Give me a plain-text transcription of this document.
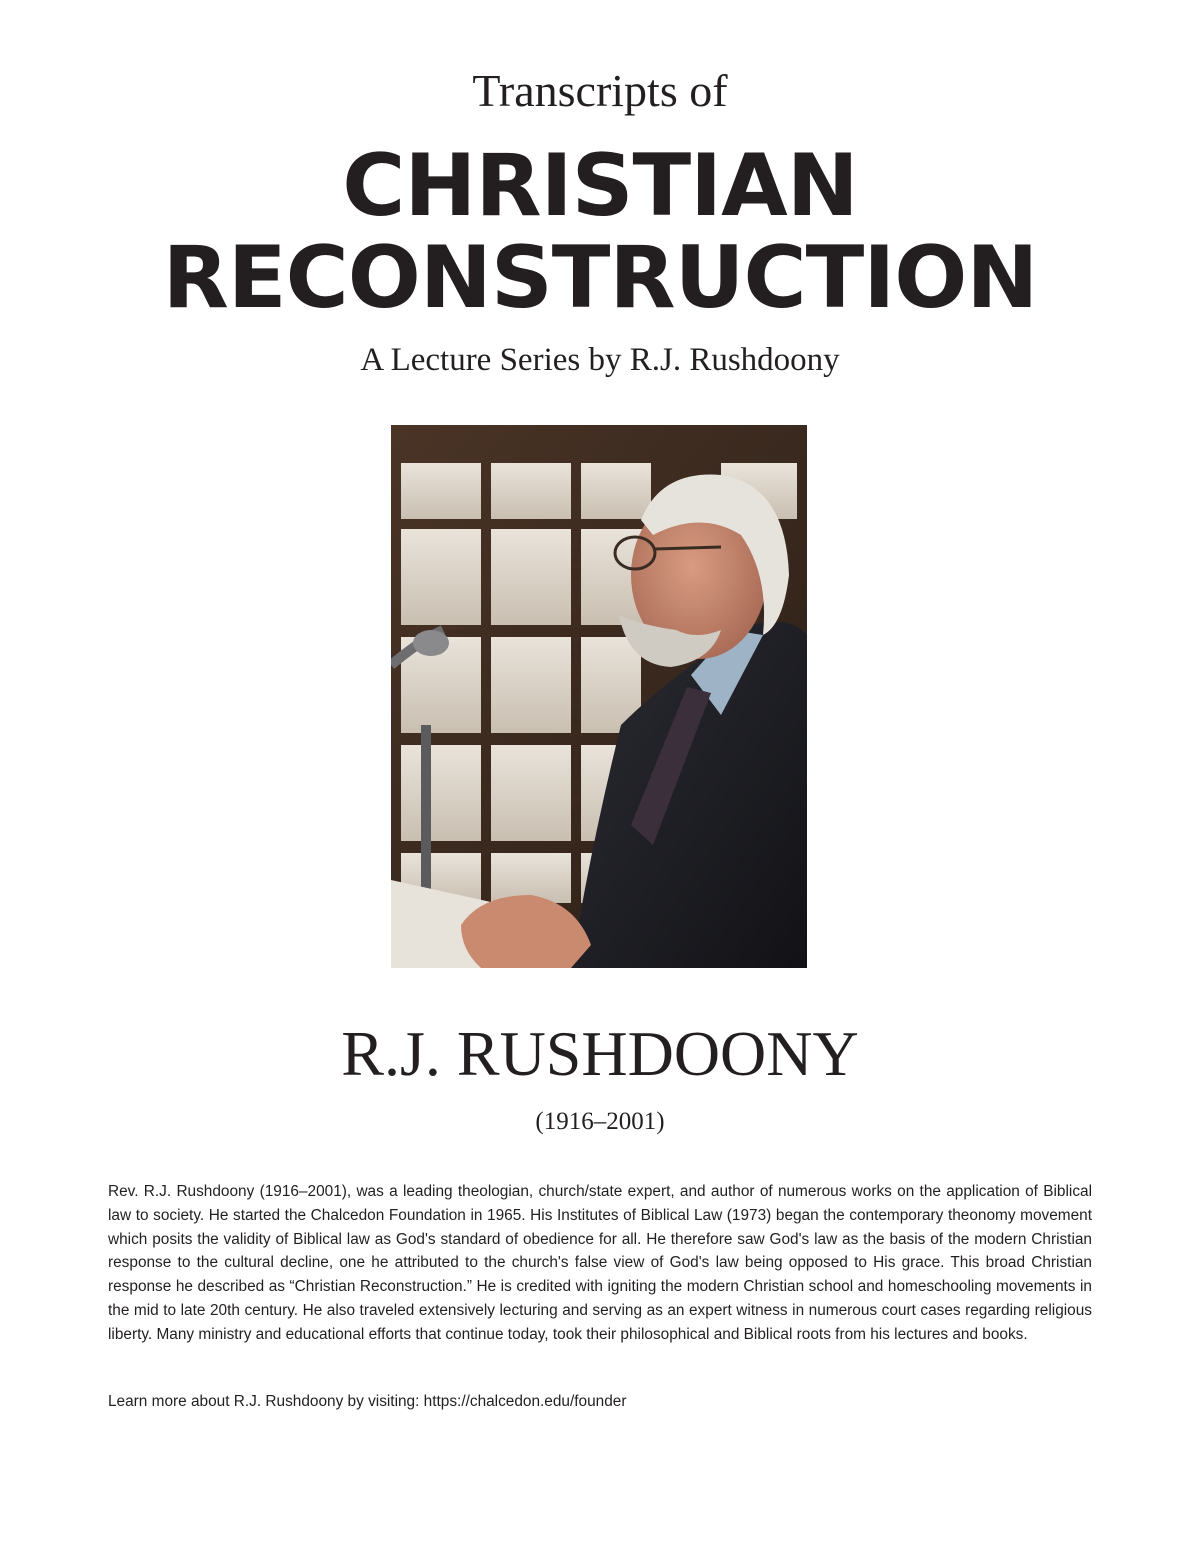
Transcripts of
CHRISTIAN
RECONSTRUCTION
A Lecture Series by R.J. Rushdoony
R.J. RUSHDOONY
(1916–2001)

Rev. R.J. Rushdoony (1916–2001), was a leading theologian, church/state expert, and author of numerous works on the application of Biblical law to society. He started the Chalcedon Foundation in 1965. His Institutes of Biblical Law (1973) began the contemporary theonomy movement which posits the validity of Biblical law as God's standard of obedience for all. He therefore saw God's law as the basis of the modern Christian response to the cultural decline, one he attributed to the church's false view of God's law being opposed to His grace. This broad Christian response he described as “Christian Reconstruction.” He is credited with igniting the modern Christian school and homeschooling movements in the mid to late 20th century. He also traveled extensively lecturing and serving as an expert witness in numerous court cases regarding religious liberty. Many ministry and educational efforts that continue today, took their philosophical and Biblical roots from his lectures and books.

Learn more about R.J. Rushdoony by visiting: https://chalcedon.edu/founder
